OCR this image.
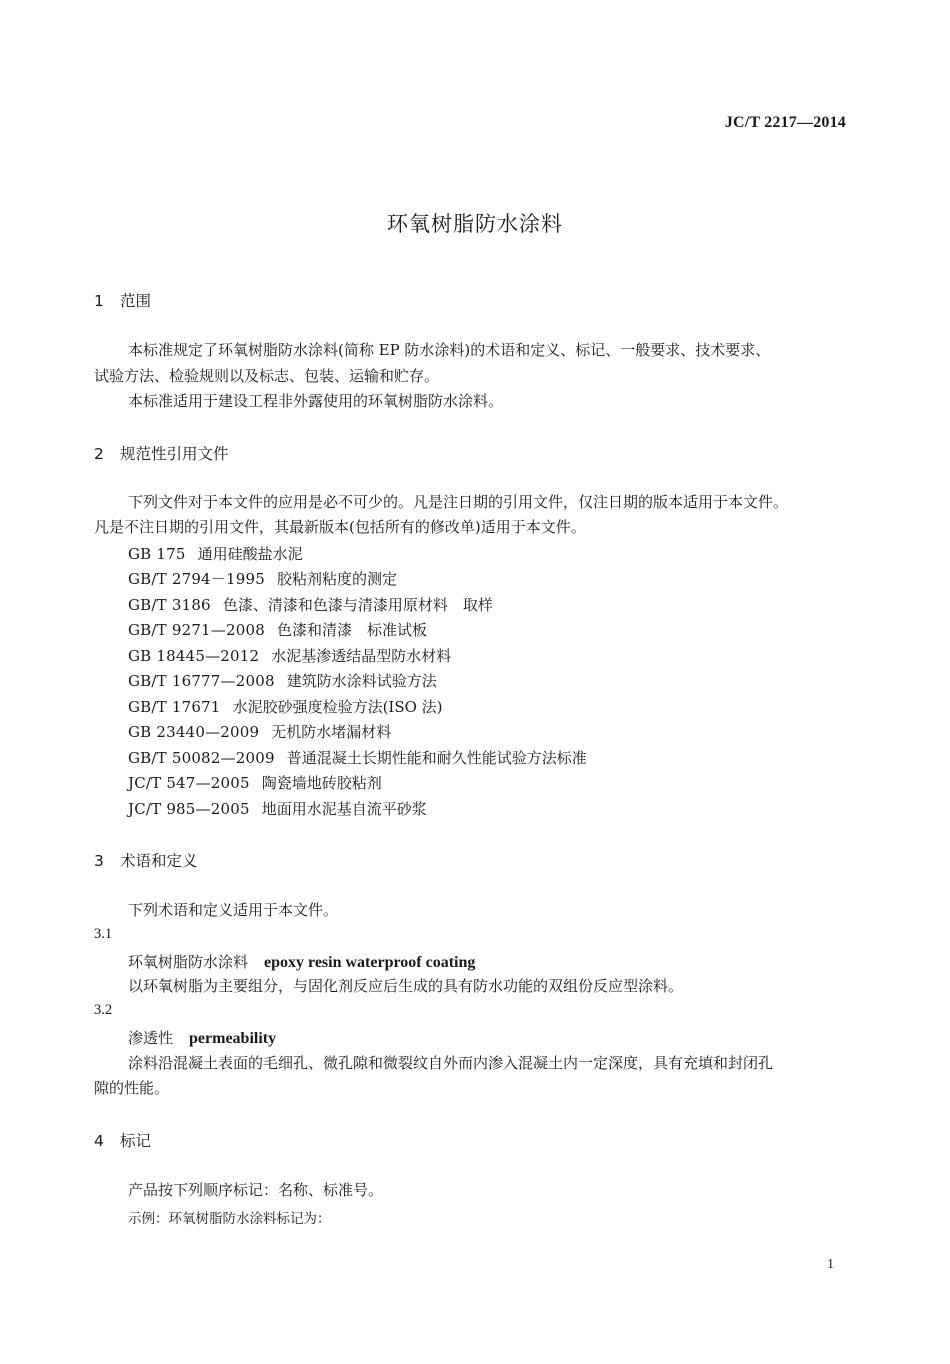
JC/T 2217—2014
环氧树脂防水涂料
1 范围
本标准规定了环氧树脂防水涂料(简称 EP 防水涂料)的术语和定义、标记、一般要求、技术要求、
试验方法、检验规则以及标志、包装、运输和贮存。
本标准适用于建设工程非外露使用的环氧树脂防水涂料。
2 规范性引用文件
下列文件对于本文件的应用是必不可少的。凡是注日期的引用文件，仅注日期的版本适用于本文件。
凡是不注日期的引用文件，其最新版本(包括所有的修改单)适用于本文件。
GB 175 通用硅酸盐水泥
GB/T 2794－1995 胶粘剂粘度的测定
GB/T 3186 色漆、清漆和色漆与清漆用原材料　取样
GB/T 9271—2008 色漆和清漆　标准试板
GB 18445—2012 水泥基渗透结晶型防水材料
GB/T 16777—2008 建筑防水涂料试验方法
GB/T 17671 水泥胶砂强度检验方法(ISO 法)
GB 23440—2009 无机防水堵漏材料
GB/T 50082—2009 普通混凝土长期性能和耐久性能试验方法标准
JC/T 547—2005 陶瓷墙地砖胶粘剂
JC/T 985—2005 地面用水泥基自流平砂浆
3 术语和定义
下列术语和定义适用于本文件。
3.1
环氧树脂防水涂料 epoxy resin waterproof coating
以环氧树脂为主要组分，与固化剂反应后生成的具有防水功能的双组份反应型涂料。
3.2
渗透性 permeability
涂料沿混凝土表面的毛细孔、微孔隙和微裂纹自外而内渗入混凝土内一定深度，具有充填和封闭孔
隙的性能。
4 标记
产品按下列顺序标记：名称、标准号。
示例：环氧树脂防水涂料标记为：
1
